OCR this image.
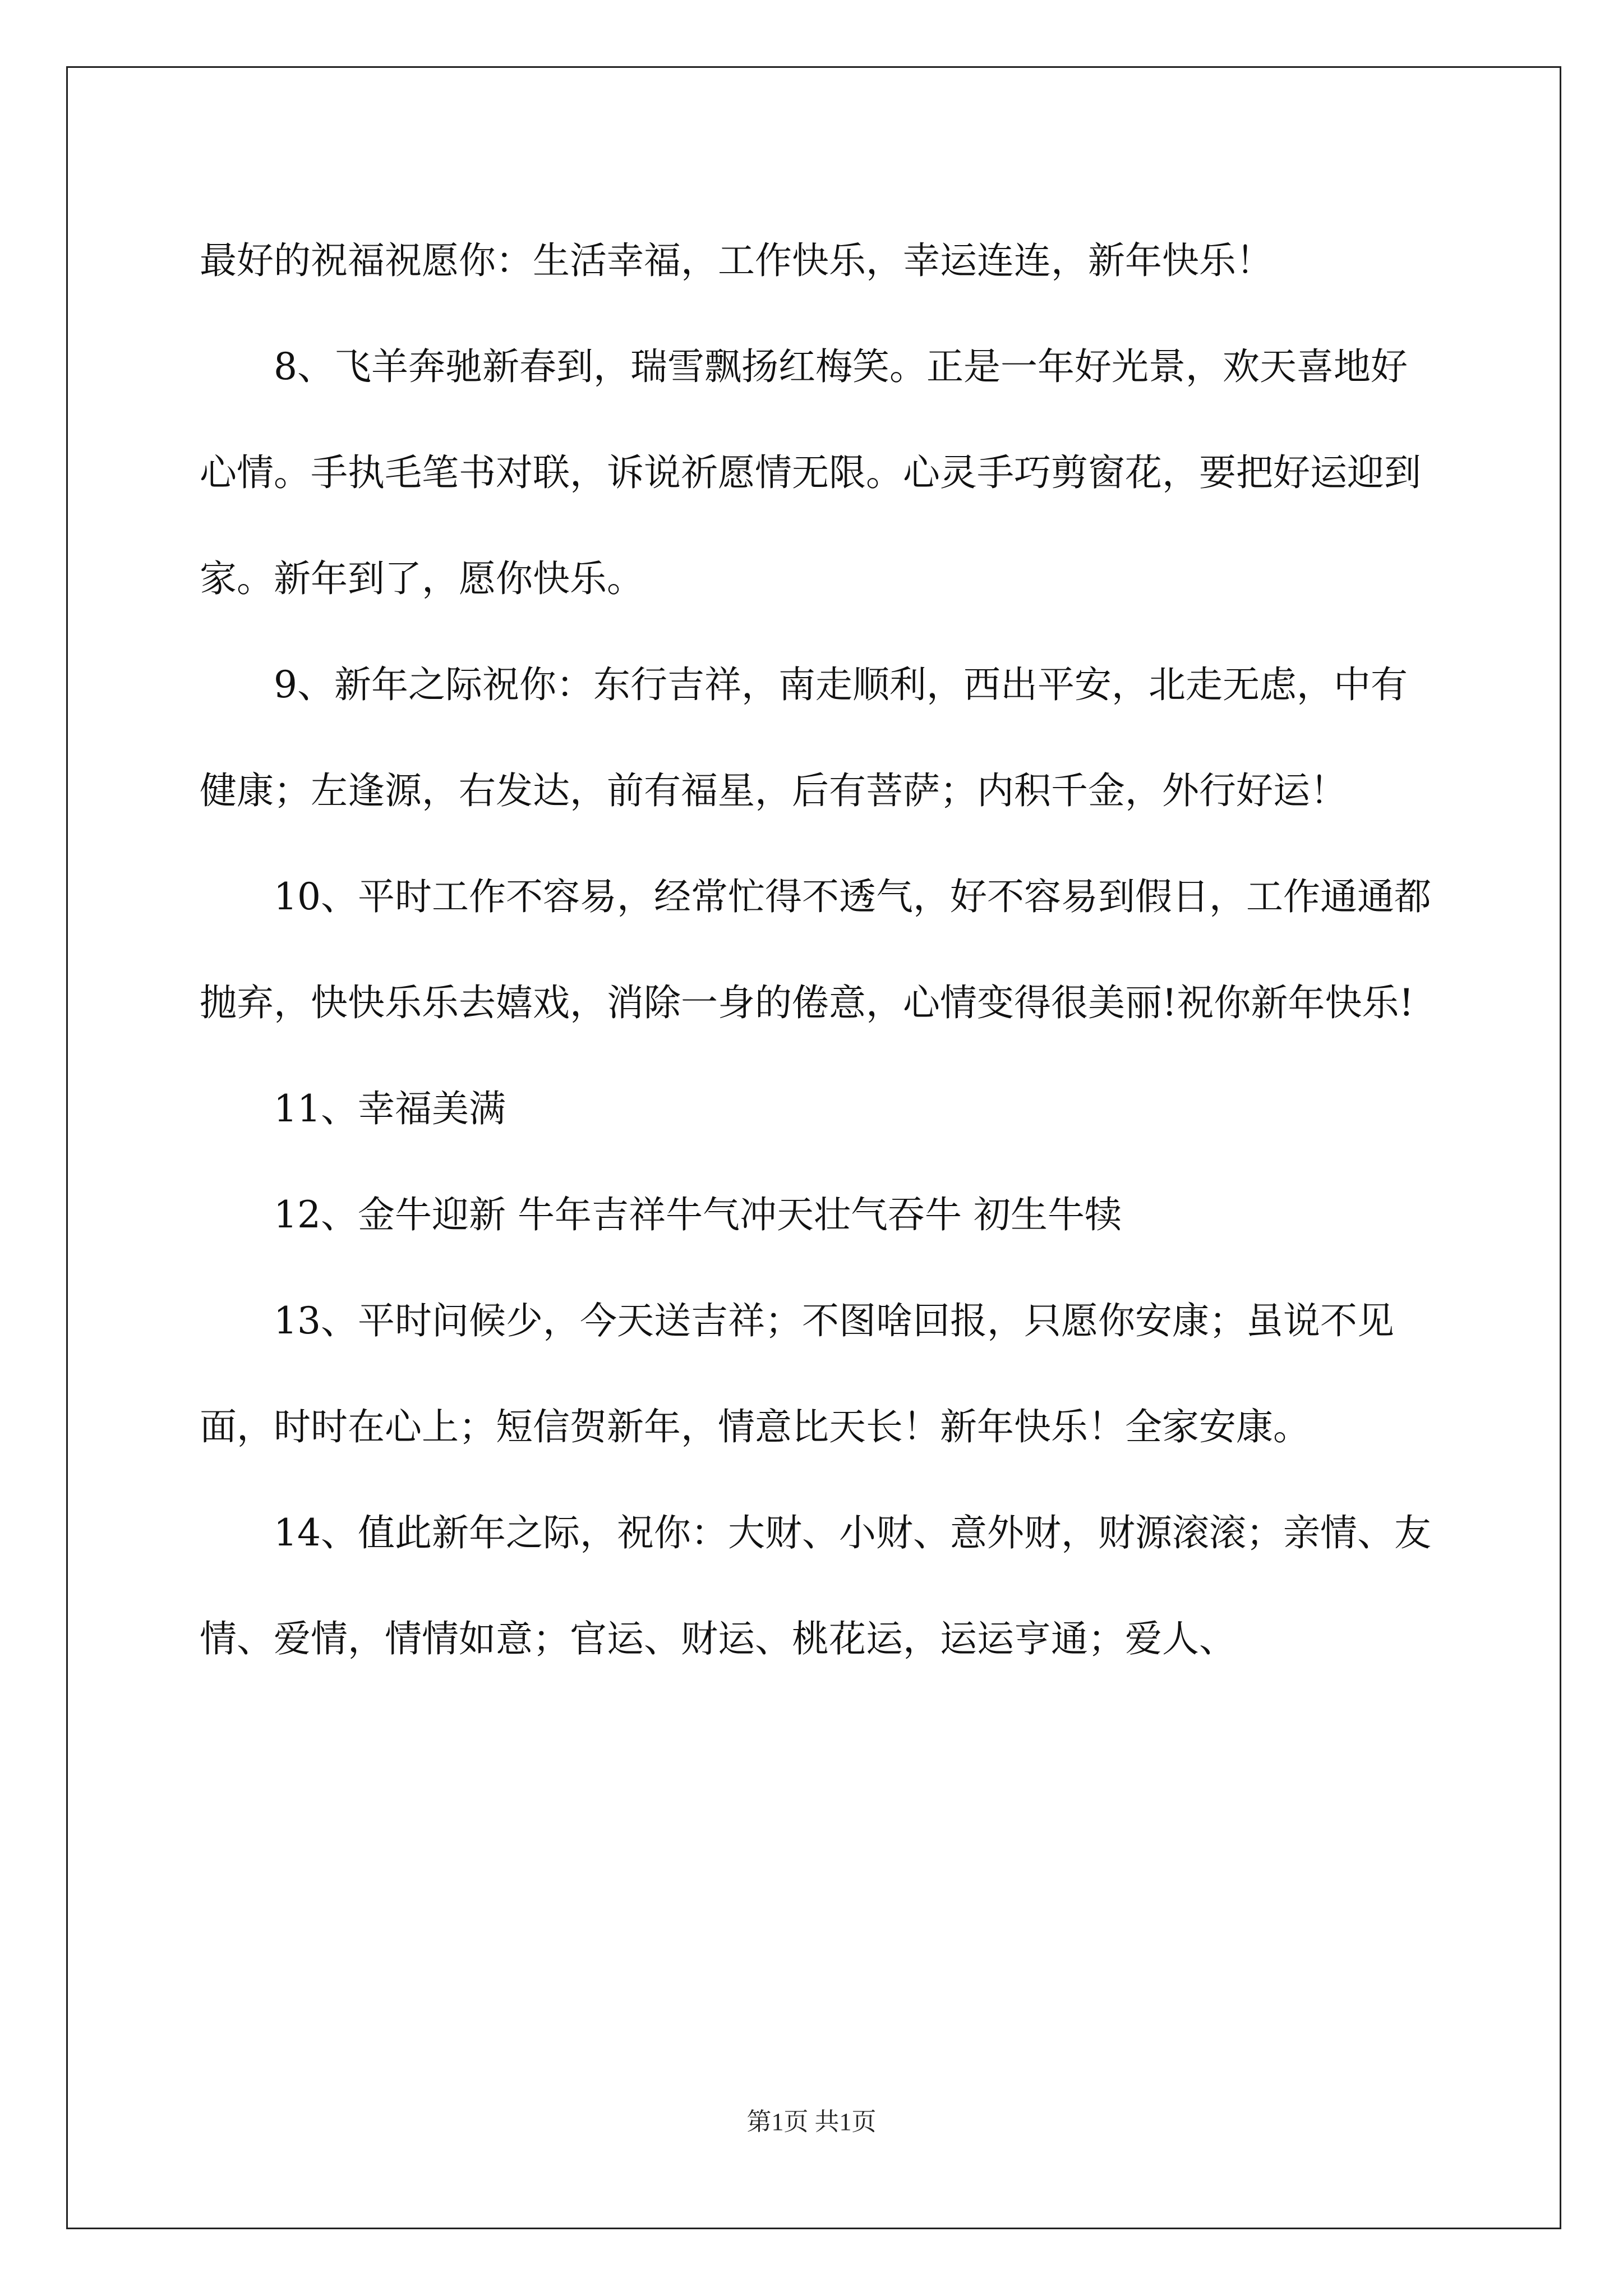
最好的祝福祝愿你：生活幸福，工作快乐，幸运连连，新年快乐！

8、飞羊奔驰新春到，瑞雪飘扬红梅笑。正是一年好光景，欢天喜地好心情。手执毛笔书对联，诉说祈愿情无限。心灵手巧剪窗花，要把好运迎到家。新年到了，愿你快乐。

9、新年之际祝你：东行吉祥，南走顺利，西出平安，北走无虑，中有健康；左逢源，右发达，前有福星，后有菩萨；内积千金，外行好运！

10、平时工作不容易，经常忙得不透气，好不容易到假日，工作通通都抛弃，快快乐乐去嬉戏，消除一身的倦意，心情变得很美丽!祝你新年快乐!

11、幸福美满

12、金牛迎新 牛年吉祥牛气冲天壮气吞牛 初生牛犊

13、平时问候少，今天送吉祥；不图啥回报，只愿你安康；虽说不见面，时时在心上；短信贺新年，情意比天长！新年快乐！全家安康。

14、值此新年之际，祝你：大财、小财、意外财，财源滚滚；亲情、友情、爱情，情情如意；官运、财运、桃花运，运运亨通；爱人、

第1页 共1页
